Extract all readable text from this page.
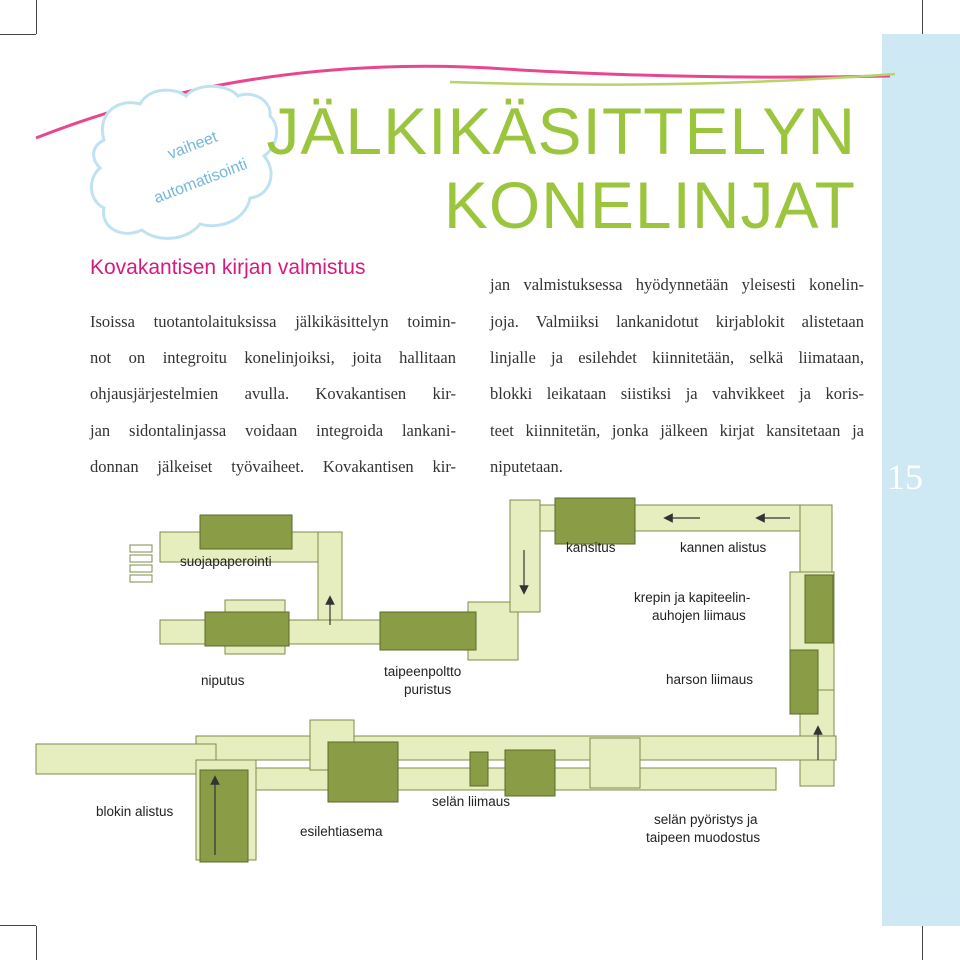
15
vaiheet
automatisointi
JÄLKIKÄSITTELYN
KONELINJAT
Kovakantisen kirjan valmistus
Isoissa tuotantolaituksissa jälkikäsittelyn toimin-
not on integroitu konelinjoiksi, joita hallitaan
ohjausjärjestelmien avulla. Kovakantisen kir-
jan sidontalinjassa voidaan integroida lankani-
donnan jälkeiset työvaiheet. Kovakantisen kir-
jan valmistuksessa hyödynnetään yleisesti konelin-
joja. Valmiiksi lankanidotut kirjablokit alistetaan
linjalle ja esilehdet kiinnitetään, selkä liimataan,
blokki leikataan siistiksi ja vahvikkeet ja koris-
teet kiinnitetän, jonka jälkeen kirjat kansitetaan ja
niputetaan.
suojapaperointi
kansitus	kannen alistus
krepin ja kapiteelin-
auhojen liimaus
niputus
taipeenpoltto
puristus
harson liimaus
blokin alistus
esilehtiasema
selän liimaus
selän pyöristys ja
taipeen muodostus
